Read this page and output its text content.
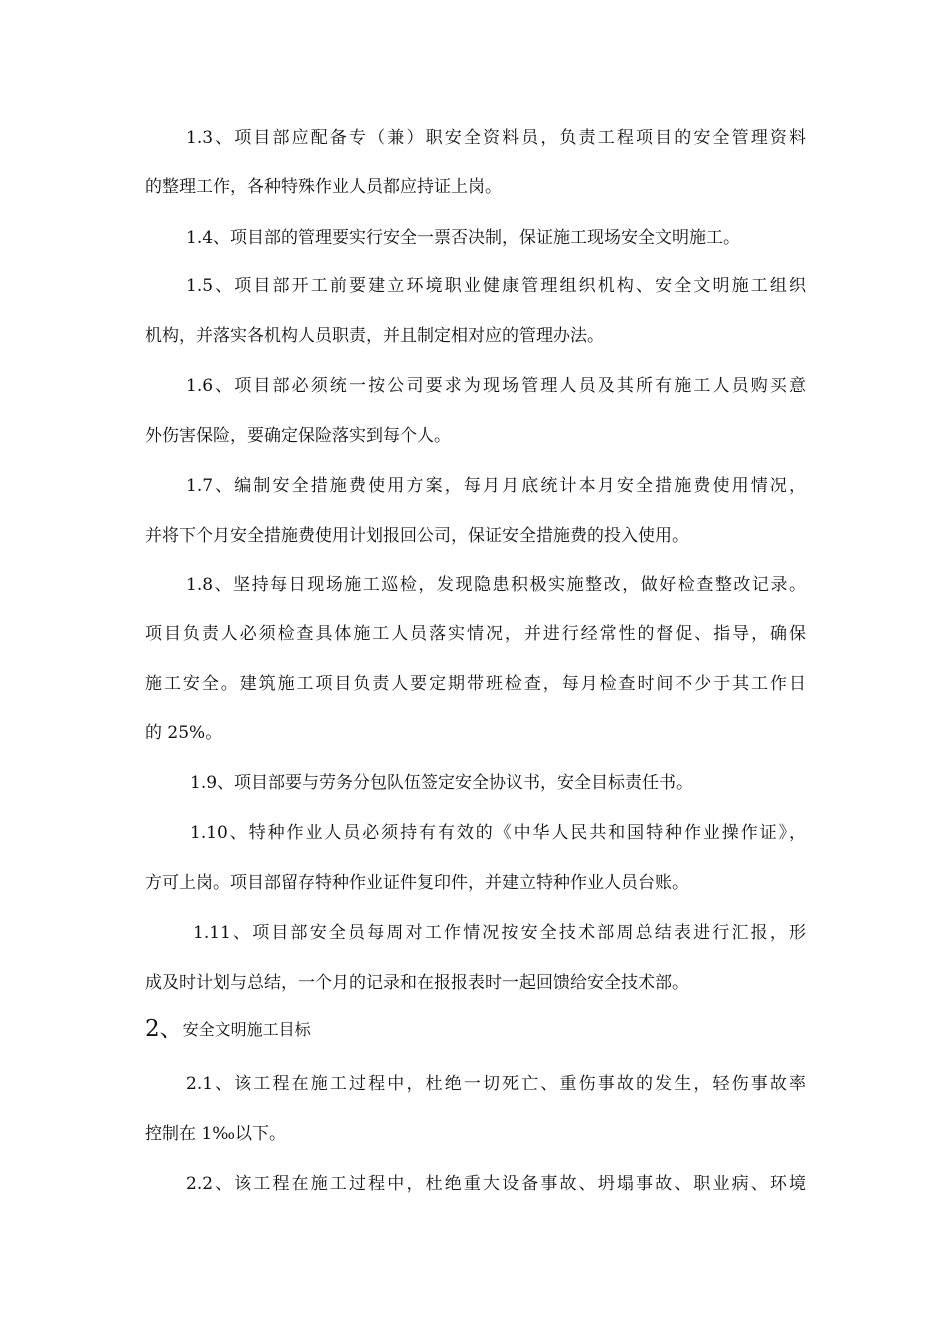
1.3、项目部应配备专（兼）职安全资料员，负责工程项目的安全管理资料
的整理工作，各种特殊作业人员都应持证上岗。
1.4、项目部的管理要实行安全一票否决制，保证施工现场安全文明施工。
1.5、项目部开工前要建立环境职业健康管理组织机构、安全文明施工组织
机构，并落实各机构人员职责，并且制定相对应的管理办法。
1.6、项目部必须统一按公司要求为现场管理人员及其所有施工人员购买意
外伤害保险，要确定保险落实到每个人。
1.7、编制安全措施费使用方案，每月月底统计本月安全措施费使用情况，
并将下个月安全措施费使用计划报回公司，保证安全措施费的投入使用。
1.8、坚持每日现场施工巡检，发现隐患积极实施整改，做好检查整改记录。
项目负责人必须检查具体施工人员落实情况，并进行经常性的督促、指导，确保
施工安全。建筑施工项目负责人要定期带班检查，每月检查时间不少于其工作日
的 25%。
1.9、项目部要与劳务分包队伍签定安全协议书，安全目标责任书。
1.10、特种作业人员必须持有有效的《中华人民共和国特种作业操作证》，
方可上岗。项目部留存特种作业证件复印件，并建立特种作业人员台账。
1.11、项目部安全员每周对工作情况按安全技术部周总结表进行汇报，形
成及时计划与总结，一个月的记录和在报报表时一起回馈给安全技术部。
2、安全文明施工目标
2.1、该工程在施工过程中，杜绝一切死亡、重伤事故的发生，轻伤事故率
控制在 1‰以下。
2.2、该工程在施工过程中，杜绝重大设备事故、坍塌事故、职业病、环境
